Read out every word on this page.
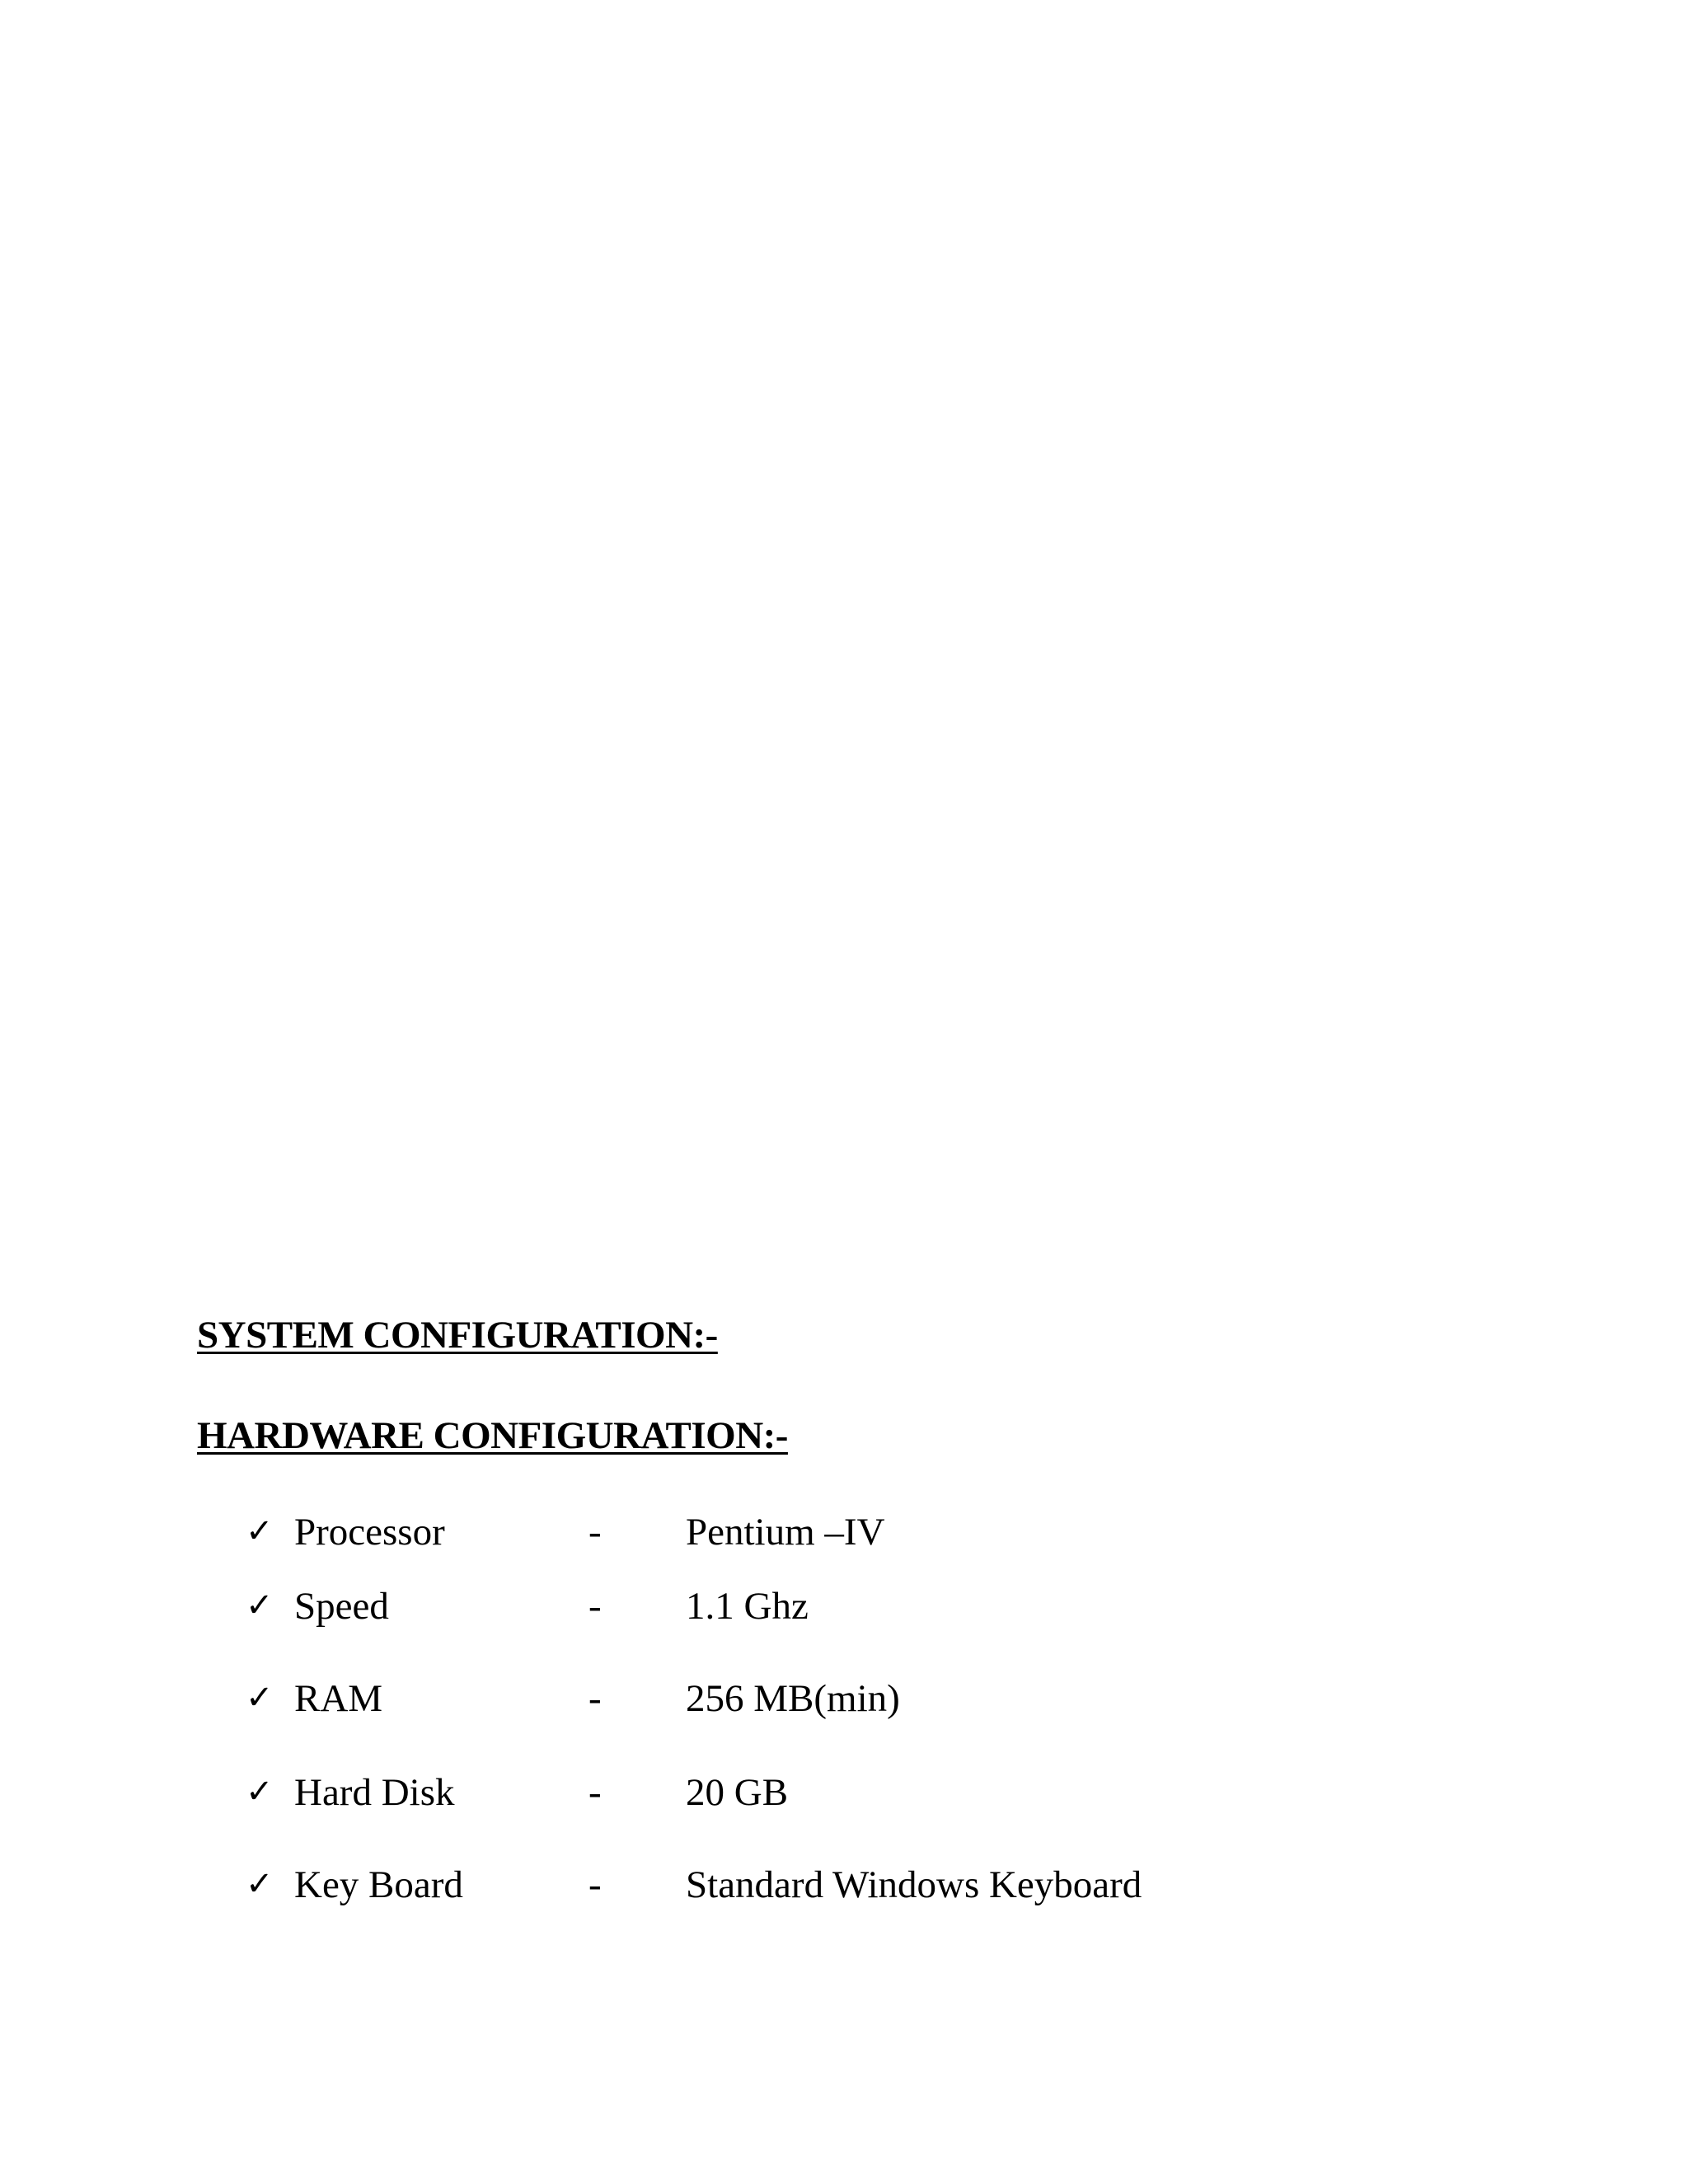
SYSTEM CONFIGURATION:-
HARDWARE CONFIGURATION:-
✓ Processor	- Pentium –IV
✓ Speed	- 1.1 Ghz
✓ RAM	- 256 MB(min)
✓ Hard Disk	- 20 GB
✓ Key Board	- Standard Windows Keyboard
